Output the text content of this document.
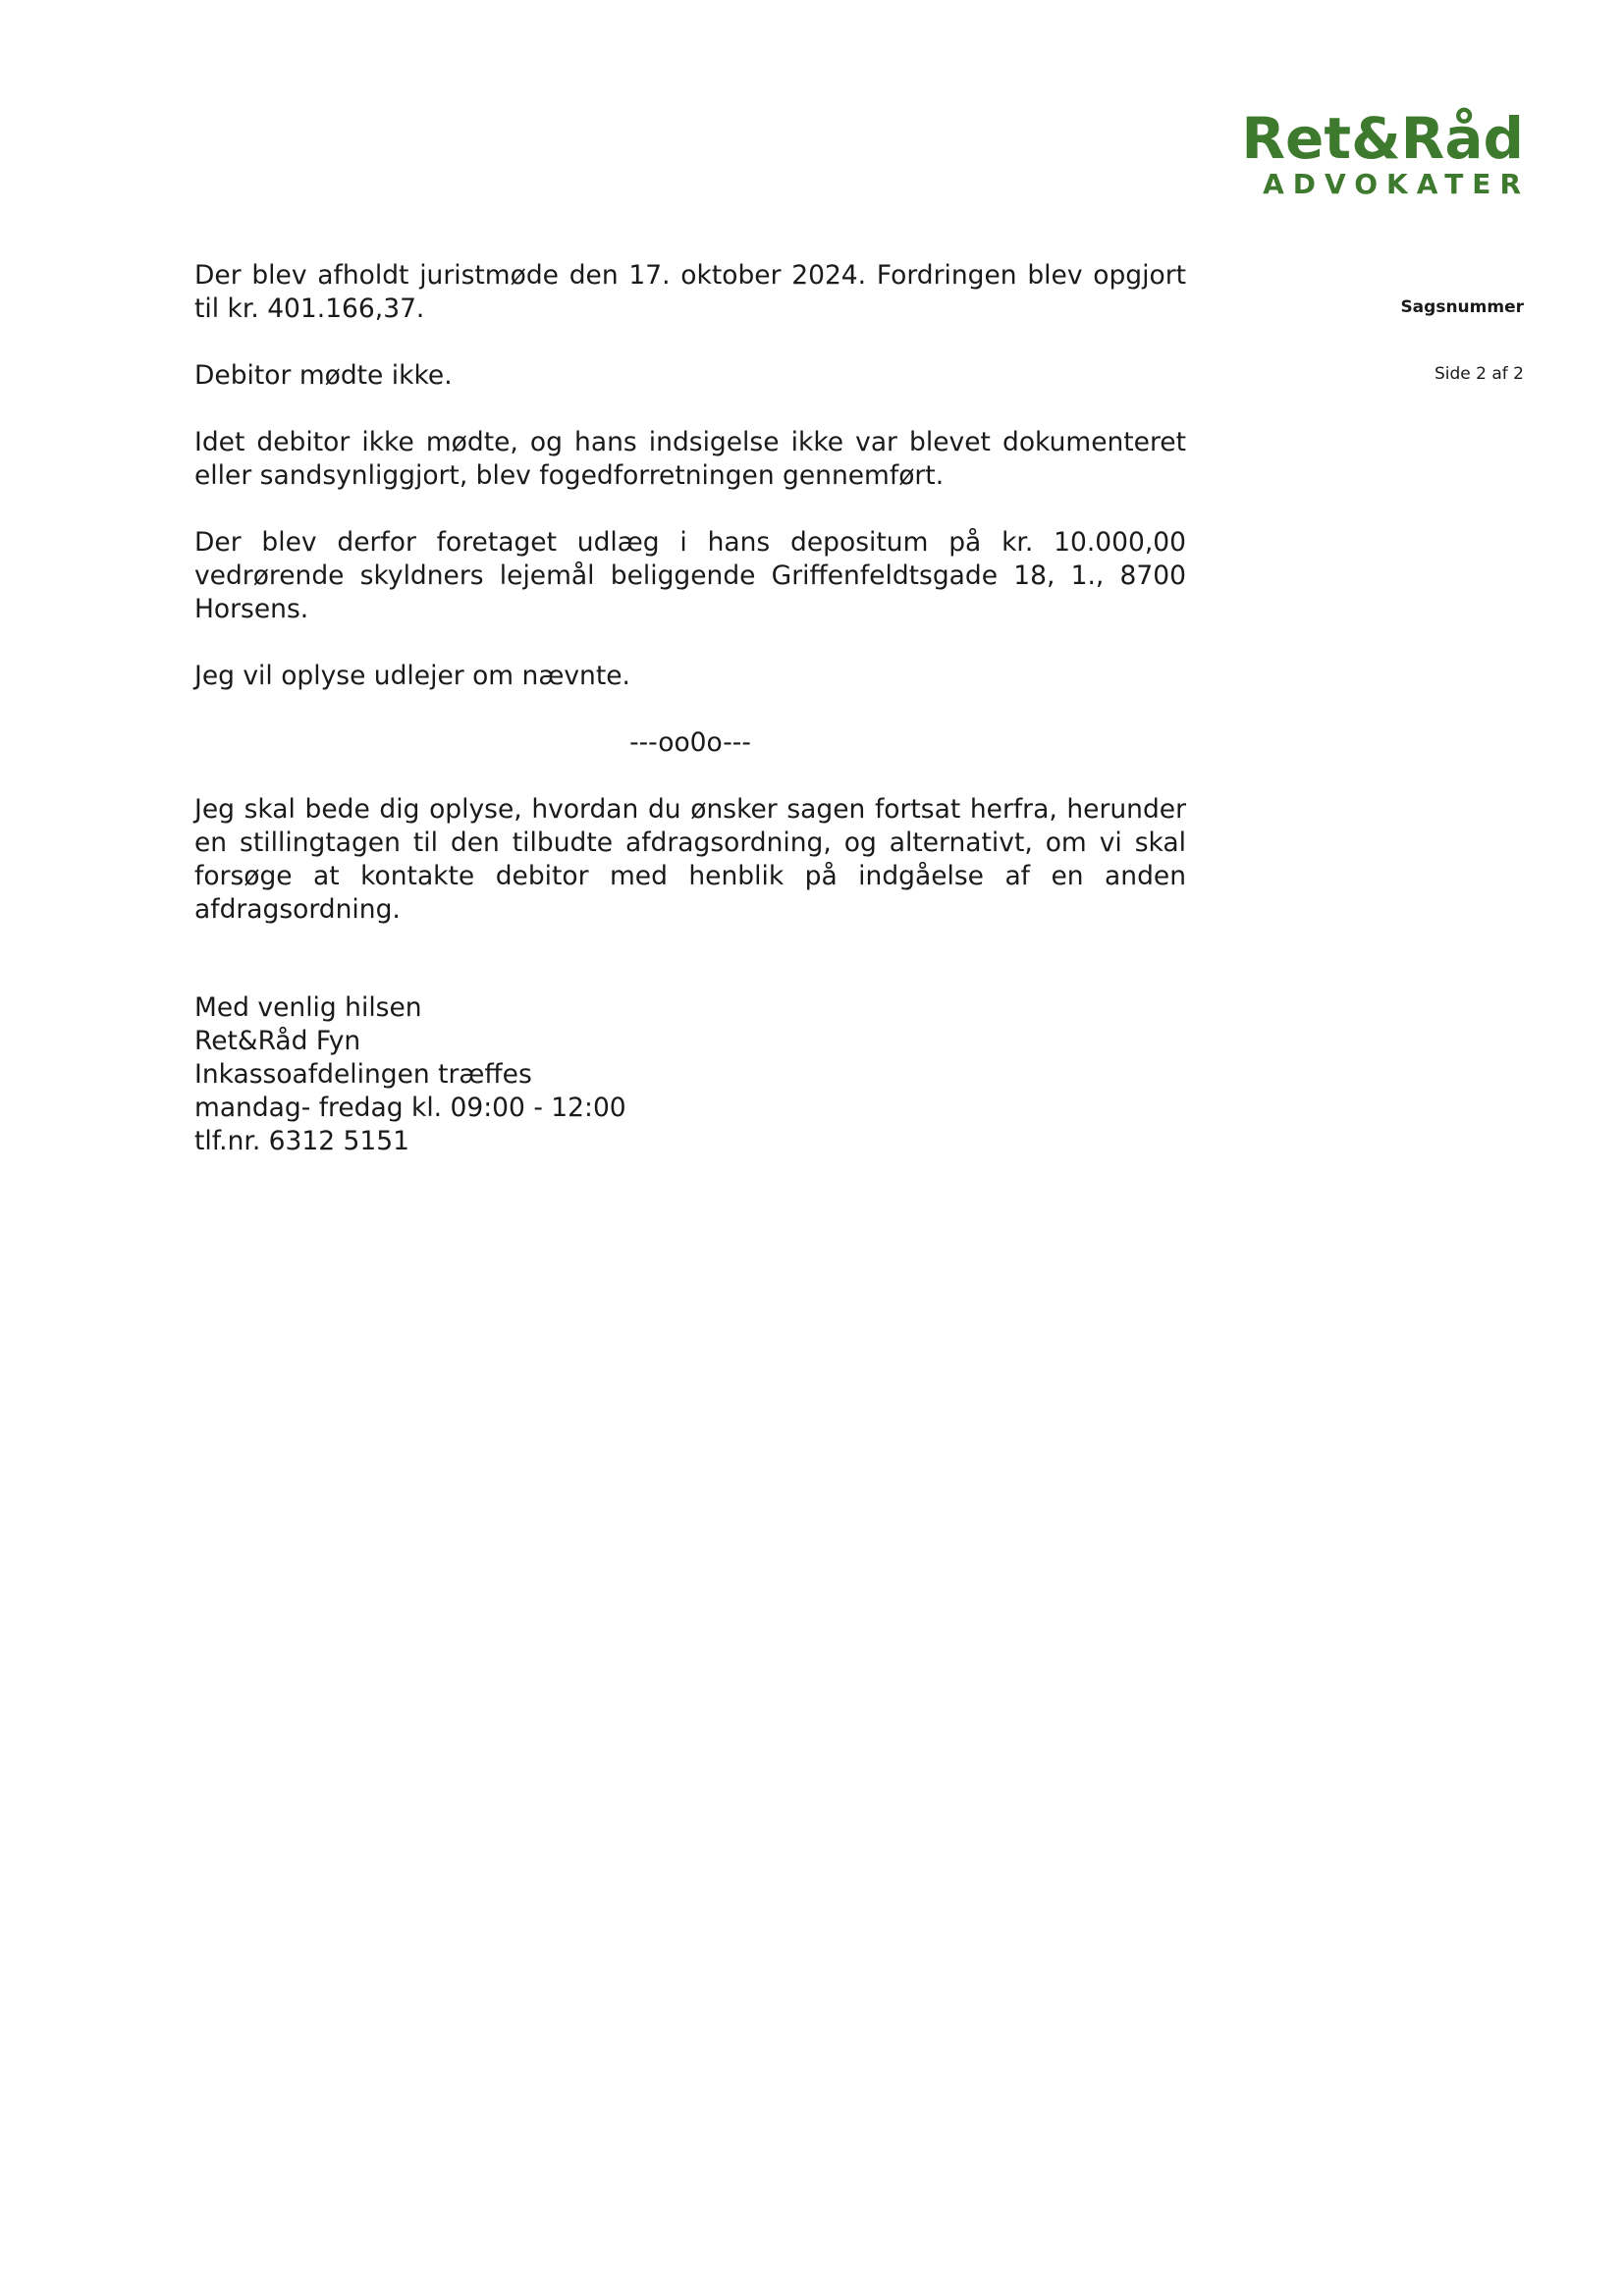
Ret&Råd
ADVOKATER
Sagsnummer
Side 2 af 2

Der blev afholdt juristmøde den 17. oktober 2024. Fordringen blev opgjort til kr. 401.166,37.

Debitor mødte ikke.

Idet debitor ikke mødte, og hans indsigelse ikke var blevet dokumenteret eller sandsynliggjort, blev fogedforretningen gennemført.

Der blev derfor foretaget udlæg i hans depositum på kr. 10.000,00 vedrørende skyldners lejemål beliggende Griffenfeldtsgade 18, 1., 8700 Horsens.

Jeg vil oplyse udlejer om nævnte.

---oo0o---

Jeg skal bede dig oplyse, hvordan du ønsker sagen fortsat herfra, herunder en stillingtagen til den tilbudte afdragsordning, og alternativt, om vi skal forsøge at kontakte debitor med henblik på indgåelse af en anden afdragsordning.

Med venlig hilsen
Ret&Råd Fyn
Inkassoafdelingen træffes
mandag- fredag kl. 09:00 - 12:00
tlf.nr. 6312 5151
